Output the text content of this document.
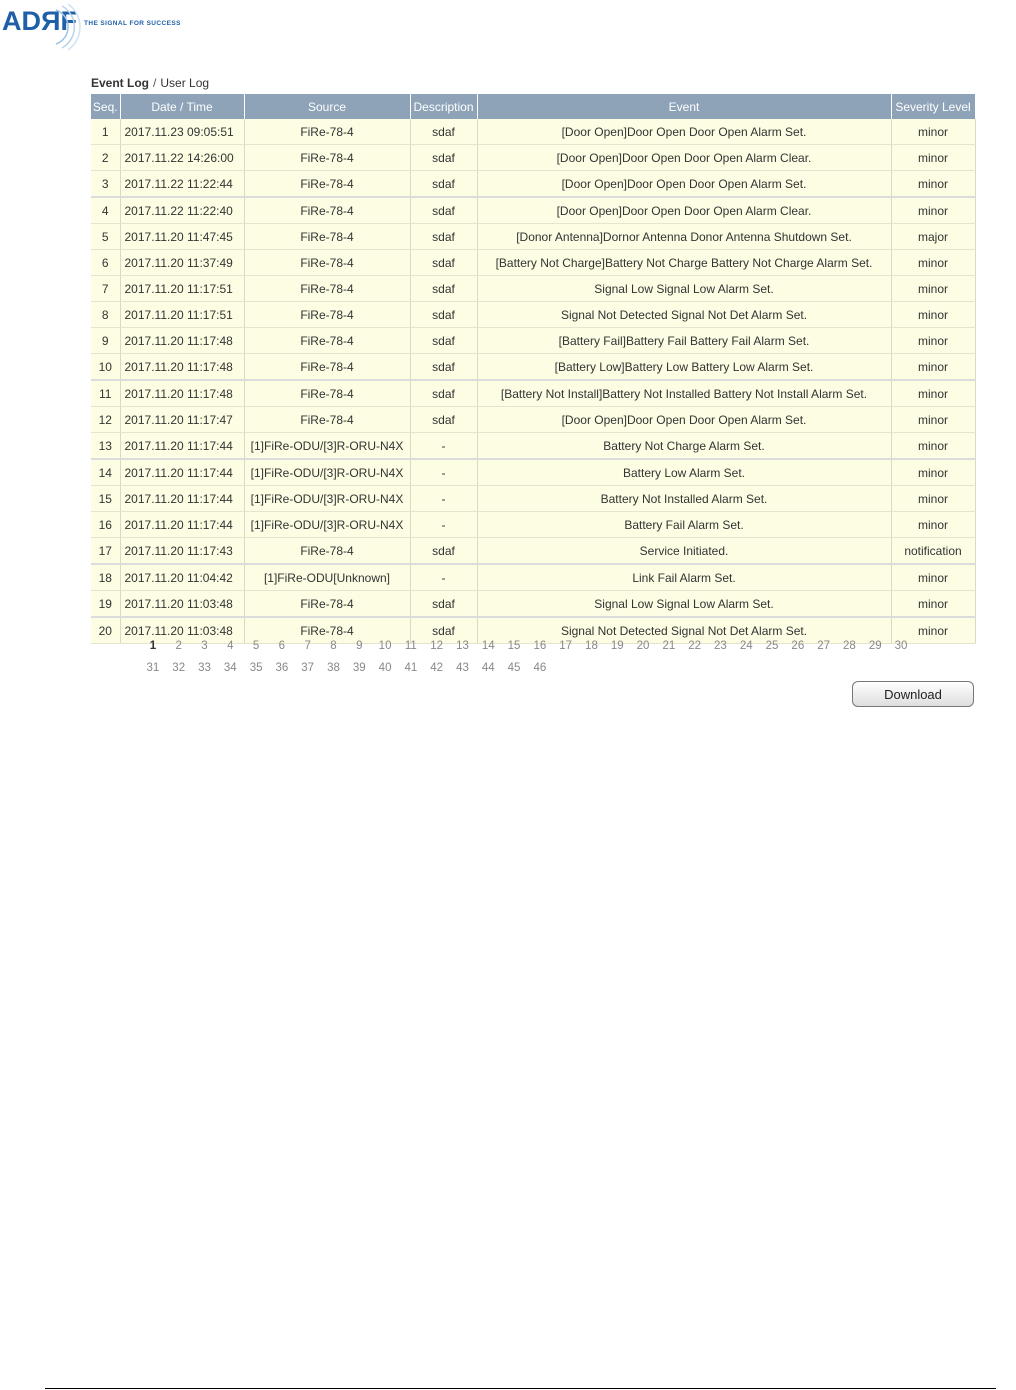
ADRF THE SIGNAL FOR SUCCESS
Event Log / User Log
Seq.	Date / Time	Source	Description	Event	Severity Level
1	2017.11.23 09:05:51	FiRe-78-4	sdaf	[Door Open]Door Open Door Open Alarm Set.	minor
2	2017.11.22 14:26:00	FiRe-78-4	sdaf	[Door Open]Door Open Door Open Alarm Clear.	minor
3	2017.11.22 11:22:44	FiRe-78-4	sdaf	[Door Open]Door Open Door Open Alarm Set.	minor
4	2017.11.22 11:22:40	FiRe-78-4	sdaf	[Door Open]Door Open Door Open Alarm Clear.	minor
5	2017.11.20 11:47:45	FiRe-78-4	sdaf	[Donor Antenna]Dornor Antenna Donor Antenna Shutdown Set.	major
6	2017.11.20 11:37:49	FiRe-78-4	sdaf	[Battery Not Charge]Battery Not Charge Battery Not Charge Alarm Set.	minor
7	2017.11.20 11:17:51	FiRe-78-4	sdaf	Signal Low Signal Low Alarm Set.	minor
8	2017.11.20 11:17:51	FiRe-78-4	sdaf	Signal Not Detected Signal Not Det Alarm Set.	minor
9	2017.11.20 11:17:48	FiRe-78-4	sdaf	[Battery Fail]Battery Fail Battery Fail Alarm Set.	minor
10	2017.11.20 11:17:48	FiRe-78-4	sdaf	[Battery Low]Battery Low Battery Low Alarm Set.	minor
11	2017.11.20 11:17:48	FiRe-78-4	sdaf	[Battery Not Install]Battery Not Installed Battery Not Install Alarm Set.	minor
12	2017.11.20 11:17:47	FiRe-78-4	sdaf	[Door Open]Door Open Door Open Alarm Set.	minor
13	2017.11.20 11:17:44	[1]FiRe-ODU/[3]R-ORU-N4X	-	Battery Not Charge Alarm Set.	minor
14	2017.11.20 11:17:44	[1]FiRe-ODU/[3]R-ORU-N4X	-	Battery Low Alarm Set.	minor
15	2017.11.20 11:17:44	[1]FiRe-ODU/[3]R-ORU-N4X	-	Battery Not Installed Alarm Set.	minor
16	2017.11.20 11:17:44	[1]FiRe-ODU/[3]R-ORU-N4X	-	Battery Fail Alarm Set.	minor
17	2017.11.20 11:17:43	FiRe-78-4	sdaf	Service Initiated.	notification
18	2017.11.20 11:04:42	[1]FiRe-ODU[Unknown]	-	Link Fail Alarm Set.	minor
19	2017.11.20 11:03:48	FiRe-78-4	sdaf	Signal Low Signal Low Alarm Set.	minor
20	2017.11.20 11:03:48	FiRe-78-4	sdaf	Signal Not Detected Signal Not Det Alarm Set.	minor
1	2	3	4	5	6	7	8	9	10	11	12	13	14	15	16	17	18	19	20	21	22	23	24	25	26	27	28	29	30
31	32	33	34	35	36	37	38	39	40	41	42	43	44	45	46
Download
